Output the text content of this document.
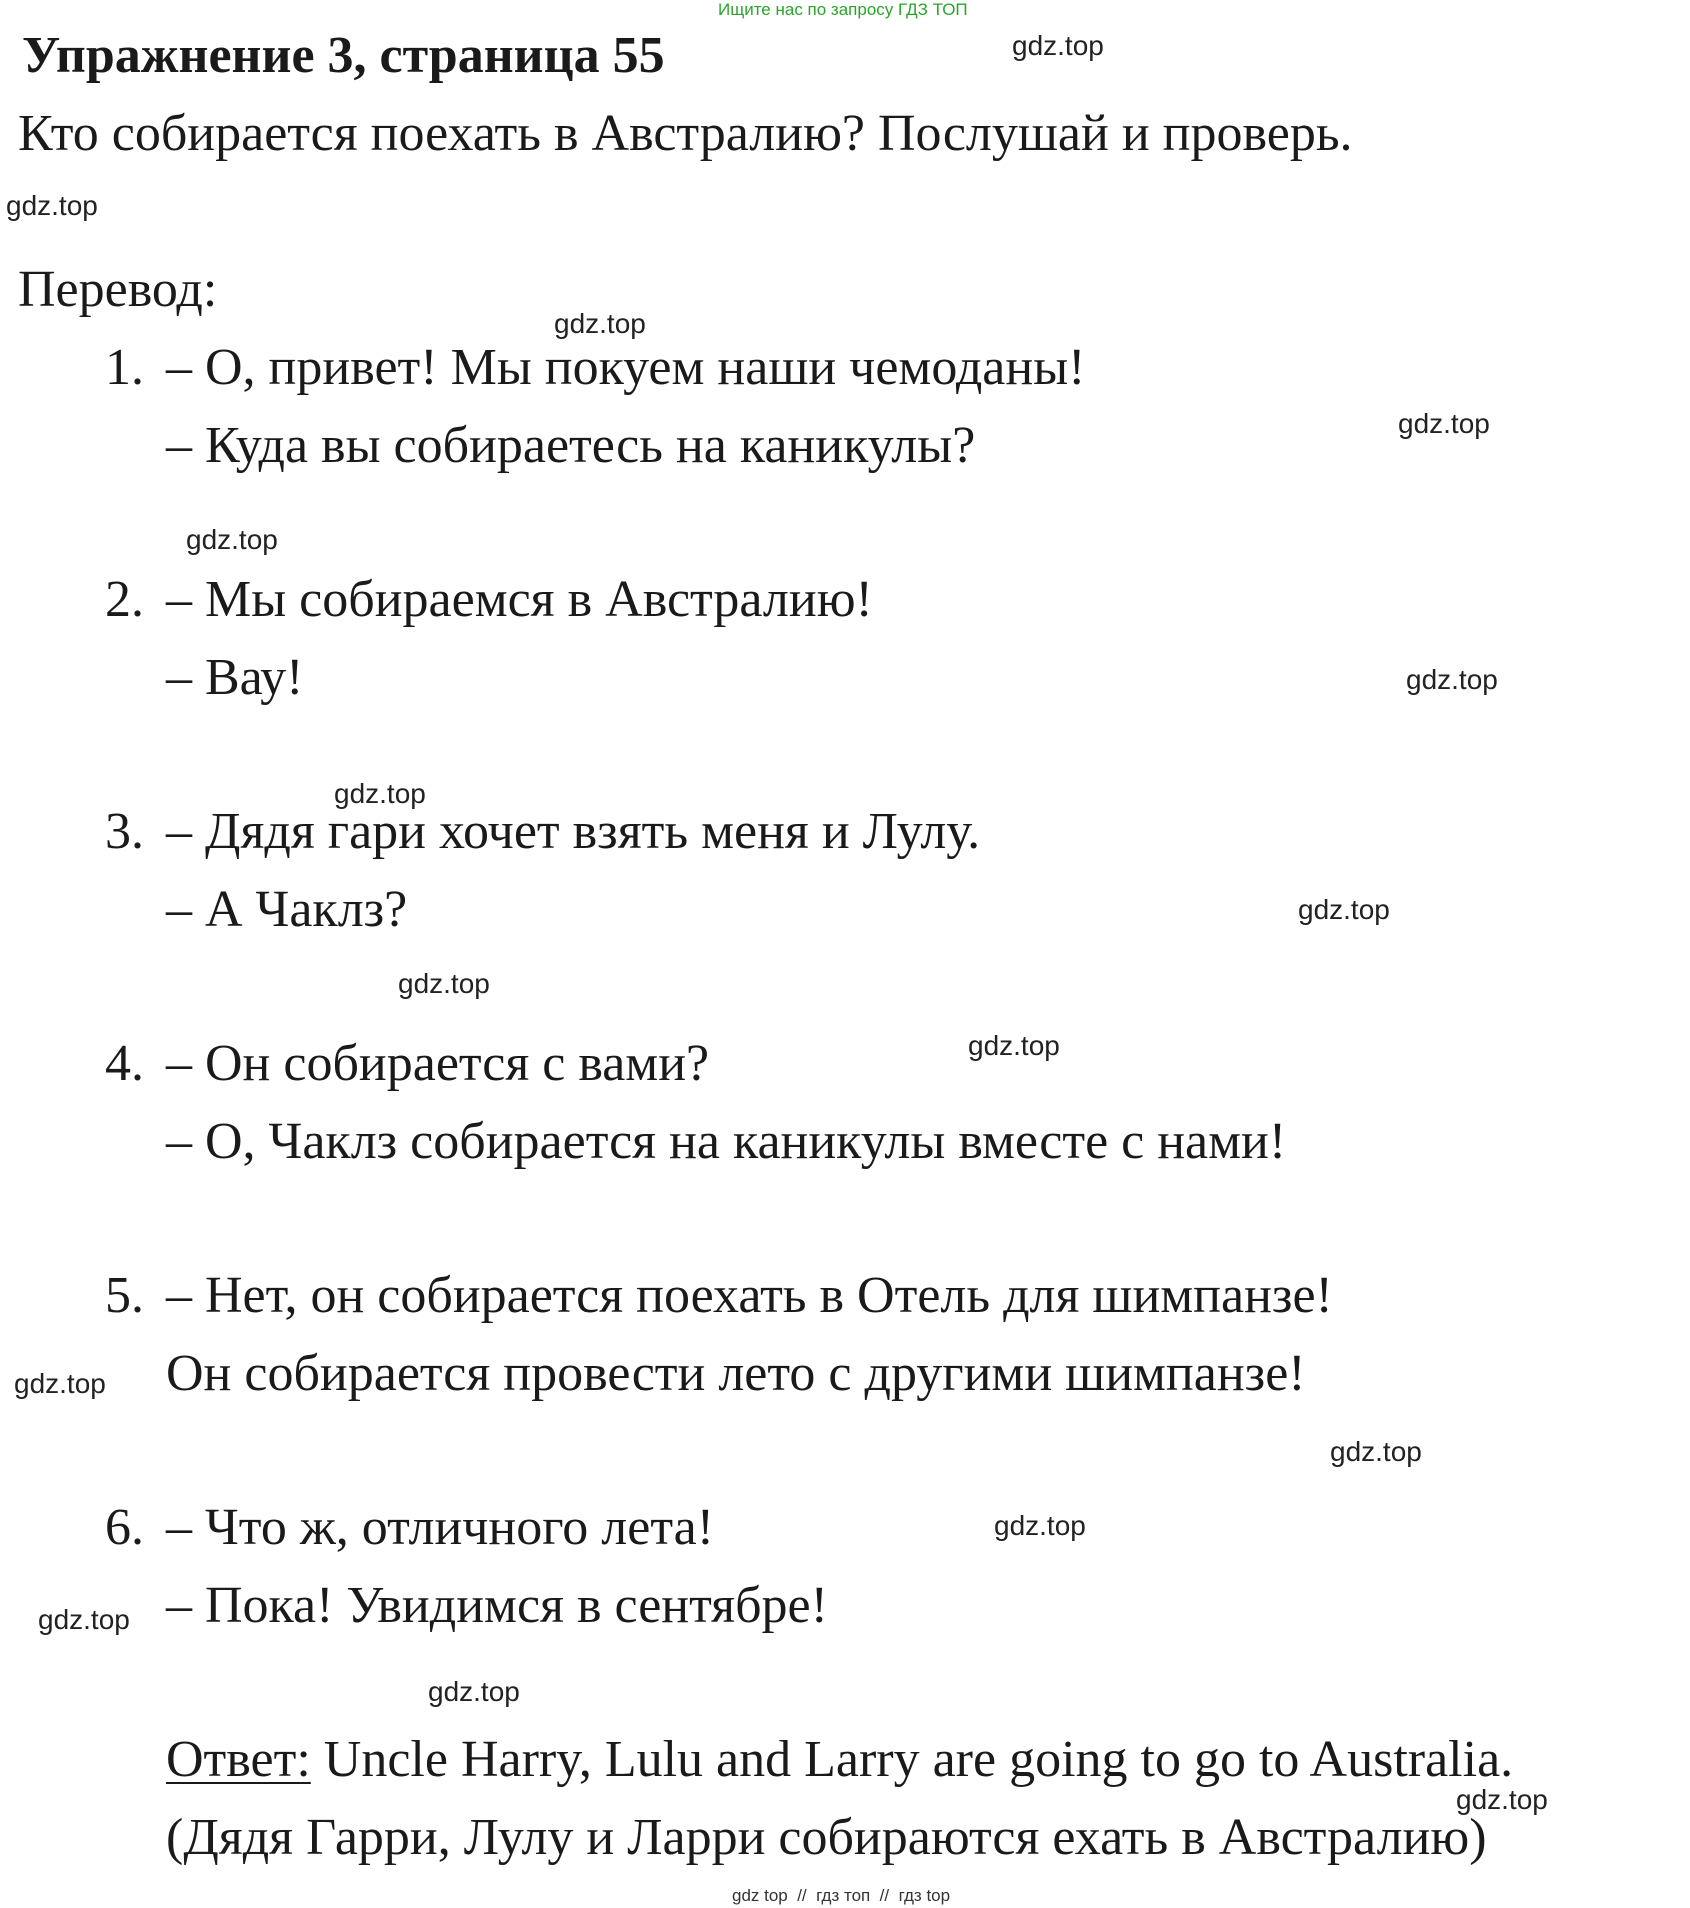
Ищите нас по запросу ГДЗ ТОП
Упражнение 3, страница 55
Кто собирается поехать в Австралию? Послушай и проверь.
Перевод:
1. – О, привет! Мы покуем наши чемоданы!
– Куда вы собираетесь на каникулы?
2. – Мы собираемся в Австралию!
– Вау!
3. – Дядя гари хочет взять меня и Лулу.
– А Чаклз?
4. – Он собирается с вами?
– О, Чаклз собирается на каникулы вместе с нами!
5. – Нет, он собирается поехать в Отель для шимпанзе!
Он собирается провести лето с другими шимпанзе!
6. – Что ж, отличного лета!
– Пока! Увидимся в сентябре!
Ответ: Uncle Harry, Lulu and Larry are going to go to Australia.
(Дядя Гарри, Лулу и Ларри собираются ехать в Австралию)
gdz.top
gdz.top
gdz.top
gdz.top
gdz.top
gdz.top
gdz.top
gdz.top
gdz.top
gdz.top
gdz.top
gdz.top
gdz.top
gdz.top
gdz.top
gdz.top
gdz top  //  гдз топ  //  гдз top
